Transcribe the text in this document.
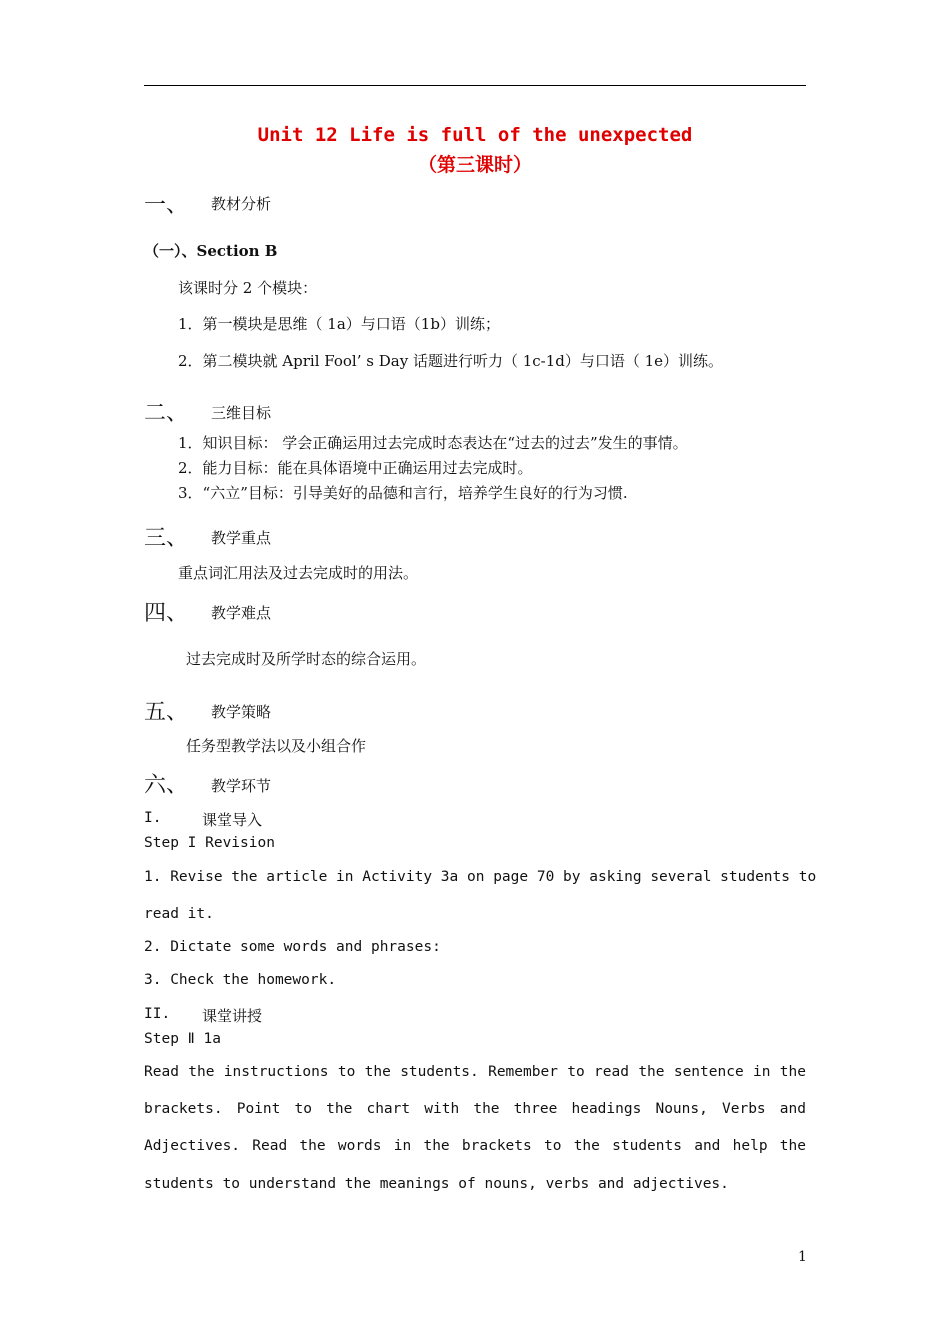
Unit 12 Life is full of the unexpected
（第三课时）
一、 教材分析
（一）、Section B
该课时分 2 个模块：
1．第一模块是思维（ 1a）与口语（1b）训练；
2．第二模块就 April Fool’ s Day 话题进行听力（ 1c-1d）与口语（ 1e）训练。
二、 三维目标
1．知识目标： 学会正确运用过去完成时态表达在“过去的过去”发生的事情。
2．能力目标：能在具体语境中正确运用过去完成时。
3．“六立”目标：引导美好的品德和言行，培养学生良好的行为习惯.
三、 教学重点
重点词汇用法及过去完成时的用法。
四、 教学难点
过去完成时及所学时态的综合运用。
五、 教学策略
任务型教学法以及小组合作
六、 教学环节
I.	课堂导入
Step I Revision
1. Revise the article in Activity 3a on page 70 by asking several students to
read it.
2. Dictate some words and phrases:
3. Check the homework.
II. 课堂讲授
Step Ⅱ 1a
Read the instructions to the students. Remember to read the sentence in the
brackets. Point to the chart with the three headings Nouns, Verbs and
Adjectives. Read the words in the brackets to the students and help the
students to understand the meanings of nouns, verbs and adjectives.
1
